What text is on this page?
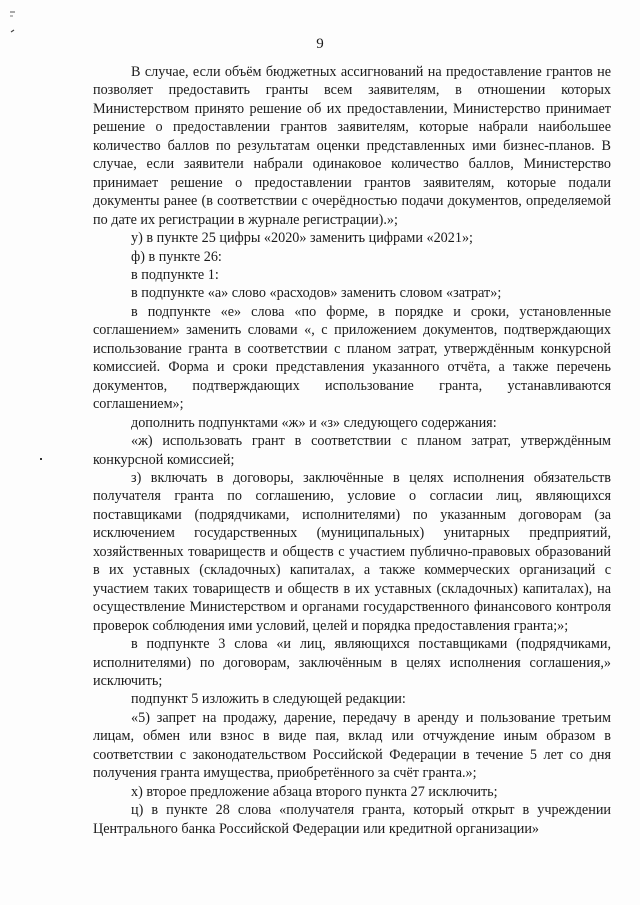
9

В случае, если объём бюджетных ассигнований на предоставление грантов не позволяет предоставить гранты всем заявителям, в отношении которых Министерством принято решение об их предоставлении, Министерство принимает решение о предоставлении грантов заявителям, которые набрали наибольшее количество баллов по результатам оценки представленных ими бизнес-планов. В случае, если заявители набрали одинаковое количество баллов, Министерство принимает решение о предоставлении грантов заявителям, которые подали документы ранее (в соответствии с очерёдностью подачи документов, определяемой по дате их регистрации в журнале регистрации).»;

у) в пункте 25 цифры «2020» заменить цифрами «2021»;

ф) в пункте 26:

в подпункте 1:

в подпункте «а» слово «расходов» заменить словом «затрат»;

в подпункте «е» слова «по форме, в порядке и сроки, установленные соглашением» заменить словами «, с приложением документов, подтверждающих использование гранта в соответствии с планом затрат, утверждённым конкурсной комиссией. Форма и сроки представления указанного отчёта, а также перечень документов, подтверждающих использование гранта, устанавливаются соглашением»;

дополнить подпунктами «ж» и «з» следующего содержания:

«ж) использовать грант в соответствии с планом затрат, утверждённым конкурсной комиссией;

з) включать в договоры, заключённые в целях исполнения обязательств получателя гранта по соглашению, условие о согласии лиц, являющихся поставщиками (подрядчиками, исполнителями) по указанным договорам (за исключением государственных (муниципальных) унитарных предприятий, хозяйственных товариществ и обществ с участием публично-правовых образований в их уставных (складочных) капиталах, а также коммерческих организаций с участием таких товариществ и обществ в их уставных (складочных) капиталах), на осуществление Министерством и органами государственного финансового контроля проверок соблюдения ими условий, целей и порядка предоставления гранта;»;

в подпункте 3 слова «и лиц, являющихся поставщиками (подрядчиками, исполнителями) по договорам, заключённым в целях исполнения соглашения,» исключить;

подпункт 5 изложить в следующей редакции:

«5) запрет на продажу, дарение, передачу в аренду и пользование третьим лицам, обмен или взнос в виде пая, вклад или отчуждение иным образом в соответствии с законодательством Российской Федерации в течение 5 лет со дня получения гранта имущества, приобретённого за счёт гранта.»;

х) второе предложение абзаца второго пункта 27 исключить;

ц) в пункте 28 слова «получателя гранта, который открыт в учреждении Центрального банка Российской Федерации или кредитной организации»
